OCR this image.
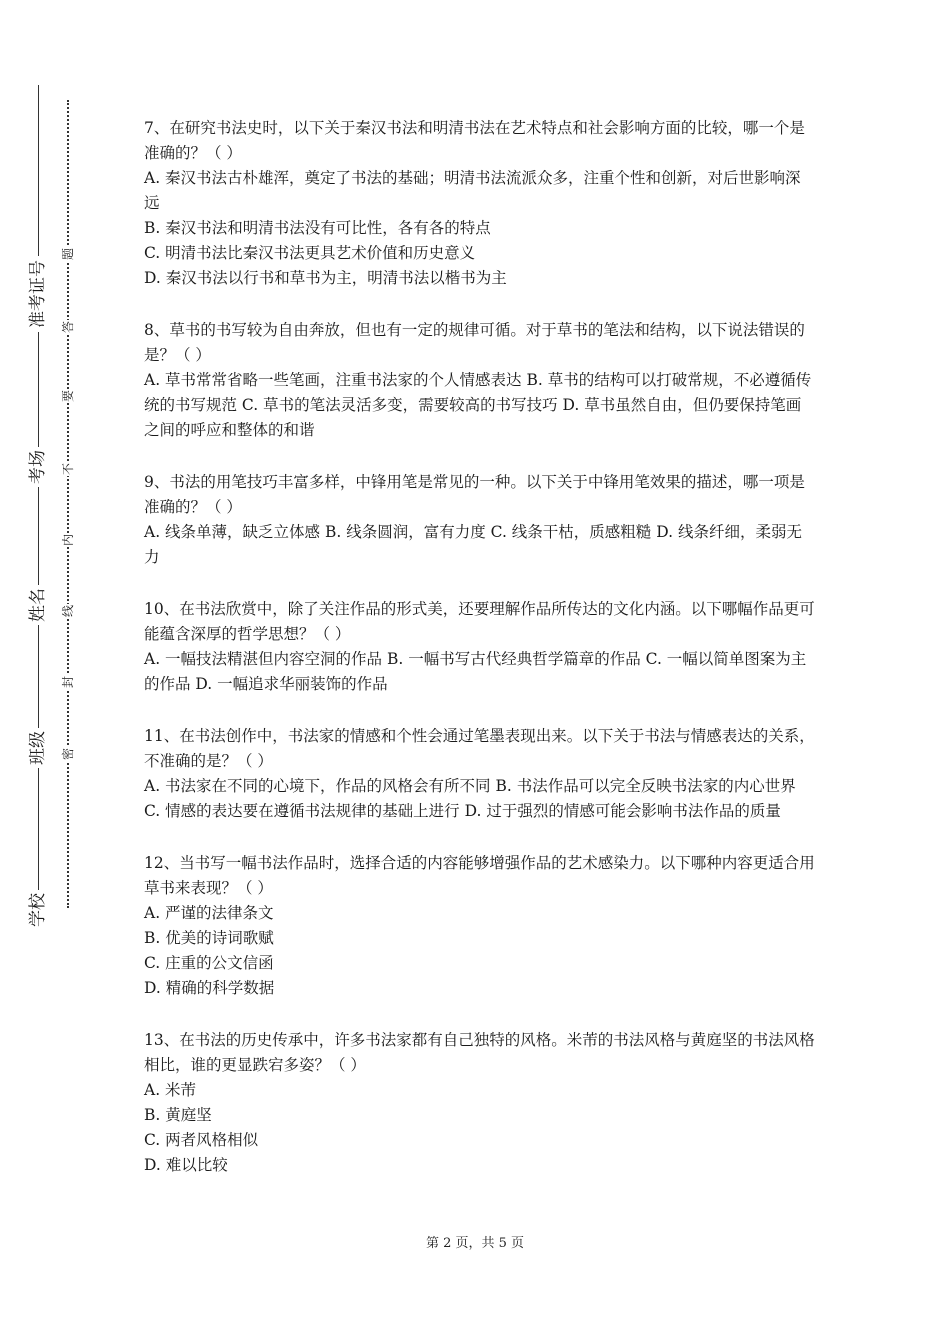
准考证号
考场
姓名
班级
学校
题
答
要
不
内
线
封
密

7、在研究书法史时，以下关于秦汉书法和明清书法在艺术特点和社会影响方面的比较，哪一个是准确的？（ ）

A. 秦汉书法古朴雄浑，奠定了书法的基础；明清书法流派众多，注重个性和创新，对后世影响深远

B. 秦汉书法和明清书法没有可比性，各有各的特点

C. 明清书法比秦汉书法更具艺术价值和历史意义

D. 秦汉书法以行书和草书为主，明清书法以楷书为主

8、草书的书写较为自由奔放，但也有一定的规律可循。对于草书的笔法和结构，以下说法错误的是？（ ）

A. 草书常常省略一些笔画，注重书法家的个人情感表达 B. 草书的结构可以打破常规，不必遵循传统的书写规范 C. 草书的笔法灵活多变，需要较高的书写技巧 D. 草书虽然自由，但仍要保持笔画之间的呼应和整体的和谐

9、书法的用笔技巧丰富多样，中锋用笔是常见的一种。以下关于中锋用笔效果的描述，哪一项是准确的？（ ）

A. 线条单薄，缺乏立体感 B. 线条圆润，富有力度 C. 线条干枯，质感粗糙 D. 线条纤细，柔弱无力

10、在书法欣赏中，除了关注作品的形式美，还要理解作品所传达的文化内涵。以下哪幅作品更可能蕴含深厚的哲学思想？（ ）

A. 一幅技法精湛但内容空洞的作品 B. 一幅书写古代经典哲学篇章的作品 C. 一幅以简单图案为主的作品 D. 一幅追求华丽装饰的作品

11、在书法创作中，书法家的情感和个性会通过笔墨表现出来。以下关于书法与情感表达的关系，不准确的是？（ ）

A. 书法家在不同的心境下，作品的风格会有所不同 B. 书法作品可以完全反映书法家的内心世界 C. 情感的表达要在遵循书法规律的基础上进行 D. 过于强烈的情感可能会影响书法作品的质量

12、当书写一幅书法作品时，选择合适的内容能够增强作品的艺术感染力。以下哪种内容更适合用草书来表现？（ ）

A. 严谨的法律条文

B. 优美的诗词歌赋

C. 庄重的公文信函

D. 精确的科学数据

13、在书法的历史传承中，许多书法家都有自己独特的风格。米芾的书法风格与黄庭坚的书法风格相比，谁的更显跌宕多姿？（ ）

A. 米芾

B. 黄庭坚

C. 两者风格相似

D. 难以比较

第 2 页，共 5 页
